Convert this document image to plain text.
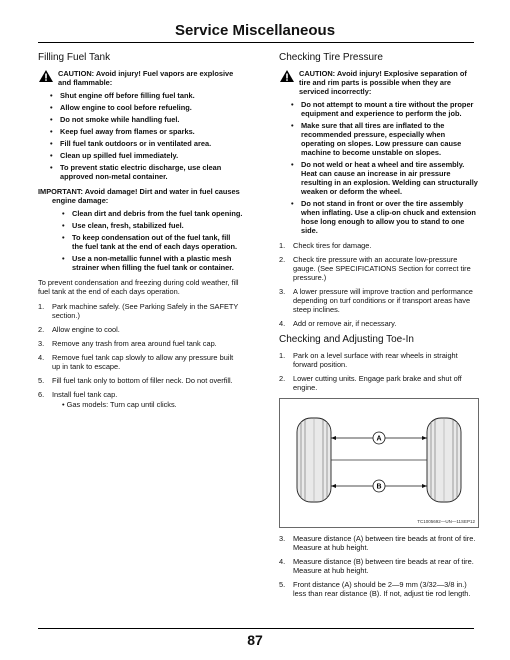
Service Miscellaneous
Filling Fuel Tank
CAUTION: Avoid injury! Fuel vapors are explosive and flammable:
• Shut engine off before filling fuel tank.
• Allow engine to cool before refueling.
• Do not smoke while handling fuel.
• Keep fuel away from flames or sparks.
• Fill fuel tank outdoors or in ventilated area.
• Clean up spilled fuel immediately.
• To prevent static electric discharge, use clean approved non-metal container.
IMPORTANT: Avoid damage! Dirt and water in fuel causes engine damage:
• Clean dirt and debris from the fuel tank opening.
• Use clean, fresh, stabilized fuel.
• To keep condensation out of the fuel tank, fill the fuel tank at the end of each days operation.
• Use a non-metallic funnel with a plastic mesh strainer when filling the fuel tank or container.

To prevent condensation and freezing during cold weather, fill fuel tank at the end of each days operation.

1. Park machine safely. (See Parking Safely in the SAFETY section.)
2. Allow engine to cool.
3. Remove any trash from area around fuel tank cap.
4. Remove fuel tank cap slowly to allow any pressure built up in tank to escape.
5. Fill fuel tank only to bottom of filler neck. Do not overfill.
6. Install fuel tank cap.
• Gas models: Turn cap until clicks.
Checking Tire Pressure
CAUTION: Avoid injury! Explosive separation of tire and rim parts is possible when they are serviced incorrectly:
• Do not attempt to mount a tire without the proper equipment and experience to perform the job.
• Make sure that all tires are inflated to the recommended pressure, especially when operating on slopes. Low pressure can cause machine to become unstable on slopes.
• Do not weld or heat a wheel and tire assembly. Heat can cause an increase in air pressure resulting in an explosion. Welding can structurally weaken or deform the wheel.
• Do not stand in front or over the tire assembly when inflating. Use a clip-on chuck and extension hose long enough to allow you to stand to one side.
1. Check tires for damage.
2. Check tire pressure with an accurate low-pressure gauge. (See SPECIFICATIONS Section for correct tire pressure.)
3. A lower pressure will improve traction and performance depending on turf conditions or if transport areas have steep inclines.
4. Add or remove air, if necessary.
Checking and Adjusting Toe-In
1. Park on a level surface with rear wheels in straight forward position.
2. Lower cutting units. Engage park brake and shut off engine.
A
B
TC1005692—UN—11SEP12
3. Measure distance (A) between tire beads at front of tire. Measure at hub height.
4. Measure distance (B) between tire beads at rear of tire. Measure at hub height.
5. Front distance (A) should be 2—9 mm (3/32—3/8 in.) less than rear distance (B). If not, adjust tie rod length.
87
